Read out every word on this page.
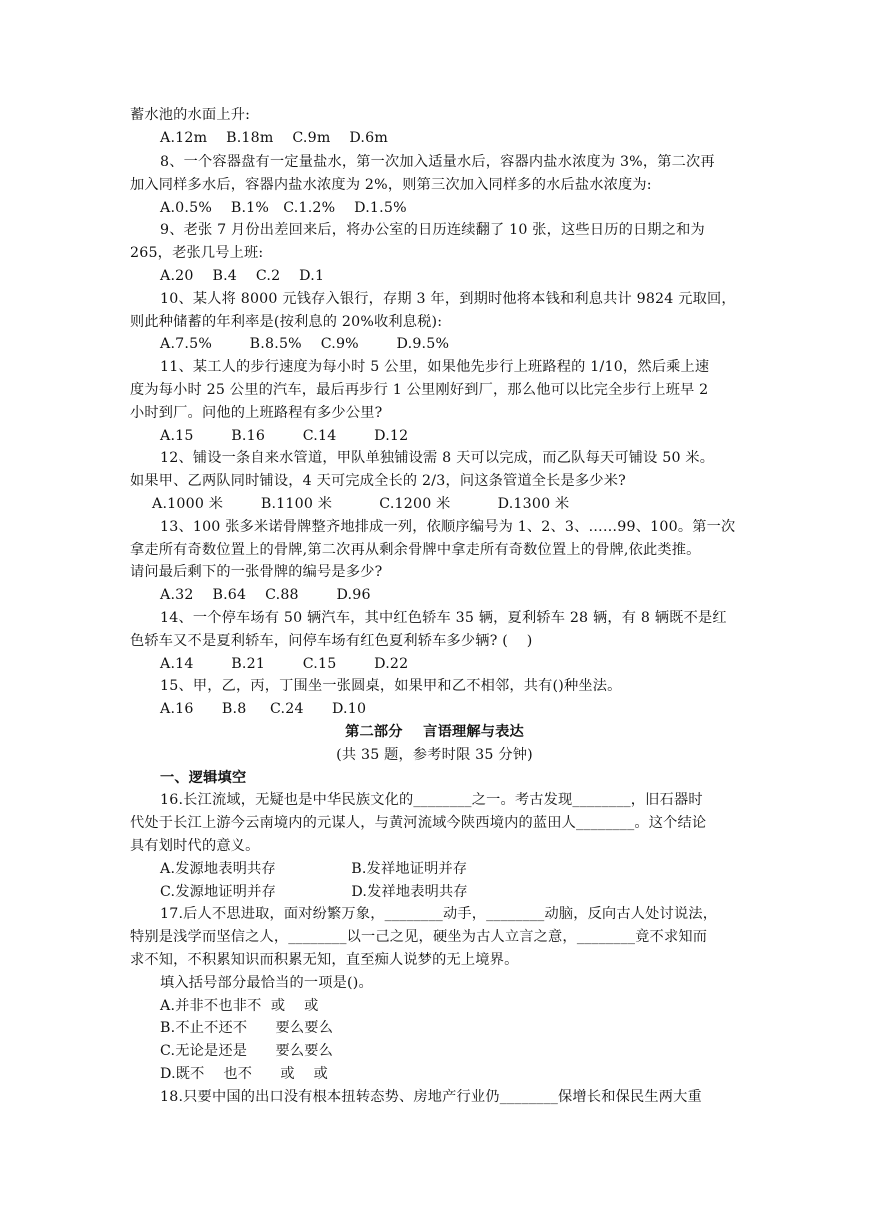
蓄水池的水面上升:
A.12m    B.18m    C.9m    D.6m
8、一个容器盘有一定量盐水，第一次加入适量水后，容器内盐水浓度为 3%，第二次再
加入同样多水后，容器内盐水浓度为 2%，则第三次加入同样多的水后盐水浓度为:
A.0.5%    B.1%   C.1.2%    D.1.5%
9、老张 7 月份出差回来后，将办公室的日历连续翻了 10 张，这些日历的日期之和为
265，老张几号上班:
A.20    B.4    C.2    D.1
10、某人将 8000 元钱存入银行，存期 3 年，到期时他将本钱和利息共计 9824 元取回，
则此种储蓄的年利率是(按利息的 20%收利息税):
A.7.5%        B.8.5%    C.9%        D.9.5%
11、某工人的步行速度为每小时 5 公里，如果他先步行上班路程的 1/10，然后乘上速
度为每小时 25 公里的汽车，最后再步行 1 公里刚好到厂，那么他可以比完全步行上班早 2
小时到厂。问他的上班路程有多少公里?
A.15        B.16        C.14        D.12
12、铺设一条自来水管道，甲队单独铺设需 8 天可以完成，而乙队每天可铺设 50 米。
如果甲、乙两队同时铺设，4 天可完成全长的 2/3，问这条管道全长是多少米?
A.1000 米        B.1100 米          C.1200 米          D.1300 米
13、100 张多米诺骨牌整齐地排成一列，依顺序编号为 1、2、3、……99、100。第一次
拿走所有奇数位置上的骨牌,第二次再从剩余骨牌中拿走所有奇数位置上的骨牌,依此类推。
请问最后剩下的一张骨牌的编号是多少?
A.32    B.64    C.88        D.96
14、一个停车场有 50 辆汽车，其中红色轿车 35 辆，夏利轿车 28 辆，有 8 辆既不是红
色轿车又不是夏利轿车，问停车场有红色夏利轿车多少辆? (    )
A.14        B.21        C.15        D.22
15、甲，乙，丙，丁围坐一张圆桌，如果甲和乙不相邻，共有()种坐法。
A.16      B.8     C.24      D.10
第二部分    言语理解与表达
(共 35 题，参考时限 35 分钟)
一、逻辑填空
16.长江流域，无疑也是中华民族文化的________之一。考古发现________，旧石器时
代处于长江上游今云南境内的元谋人，与黄河流域今陕西境内的蓝田人________。这个结论
具有划时代的意义。
A.发源地表明共存                B.发祥地证明并存
C.发源地证明并存                D.发祥地表明共存
17.后人不思进取，面对纷繁万象，________动手，________动脑，反向古人处讨说法，
特别是浅学而坚信之人，________以一己之见，硬坐为古人立言之意，________竟不求知而
求不知，不积累知识而积累无知，直至痴人说梦的无上境界。
填入括号部分最恰当的一项是()。
A.并非不也非不  或    或
B.不止不还不      要么要么
C.无论是还是      要么要么
D.既不    也不      或    或
18.只要中国的出口没有根本扭转态势、房地产行业仍________保增长和保民生两大重
